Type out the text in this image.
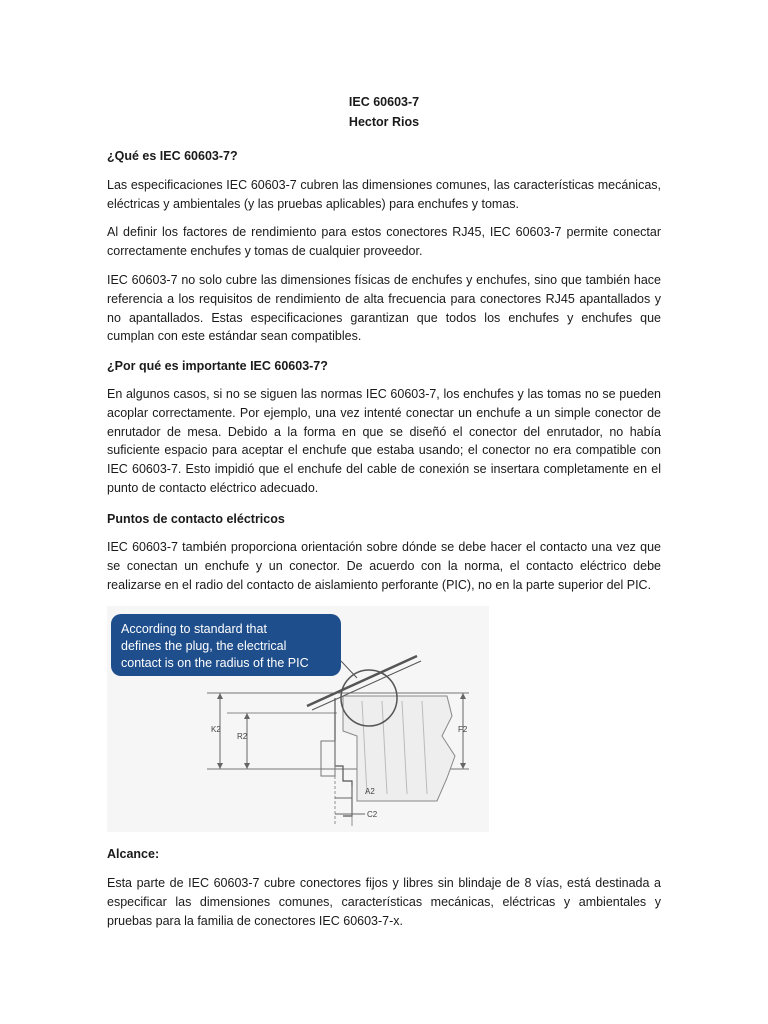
IEC 60603-7
Hector Rios

¿Qué es IEC 60603-7?

Las especificaciones IEC 60603-7 cubren las dimensiones comunes, las características mecánicas, eléctricas y ambientales (y las pruebas aplicables) para enchufes y tomas.

Al definir los factores de rendimiento para estos conectores RJ45, IEC 60603-7 permite conectar correctamente enchufes y tomas de cualquier proveedor.

IEC 60603-7 no solo cubre las dimensiones físicas de enchufes y enchufes, sino que también hace referencia a los requisitos de rendimiento de alta frecuencia para conectores RJ45 apantallados y no apantallados. Estas especificaciones garantizan que todos los enchufes y enchufes que cumplan con este estándar sean compatibles.

¿Por qué es importante IEC 60603-7?

En algunos casos, si no se siguen las normas IEC 60603-7, los enchufes y las tomas no se pueden acoplar correctamente. Por ejemplo, una vez intenté conectar un enchufe a un simple conector de enrutador de mesa. Debido a la forma en que se diseñó el conector del enrutador, no había suficiente espacio para aceptar el enchufe que estaba usando; el conector no era compatible con IEC 60603-7. Esto impidió que el enchufe del cable de conexión se insertara completamente en el punto de contacto eléctrico adecuado.

Puntos de contacto eléctricos

IEC 60603-7 también proporciona orientación sobre dónde se debe hacer el contacto una vez que se conectan un enchufe y un conector. De acuerdo con la norma, el contacto eléctrico debe realizarse en el radio del contacto de aislamiento perforante (PIC), no en la parte superior del PIC.

According to standard that
defines the plug, the electrical
contact is on the radius of the PIC
K2
R2
F2
A2
C2

Alcance:

Esta parte de IEC 60603-7 cubre conectores fijos y libres sin blindaje de 8 vías, está destinada a especificar las dimensiones comunes, características mecánicas, eléctricas y ambientales y pruebas para la familia de conectores IEC 60603-7-x.
